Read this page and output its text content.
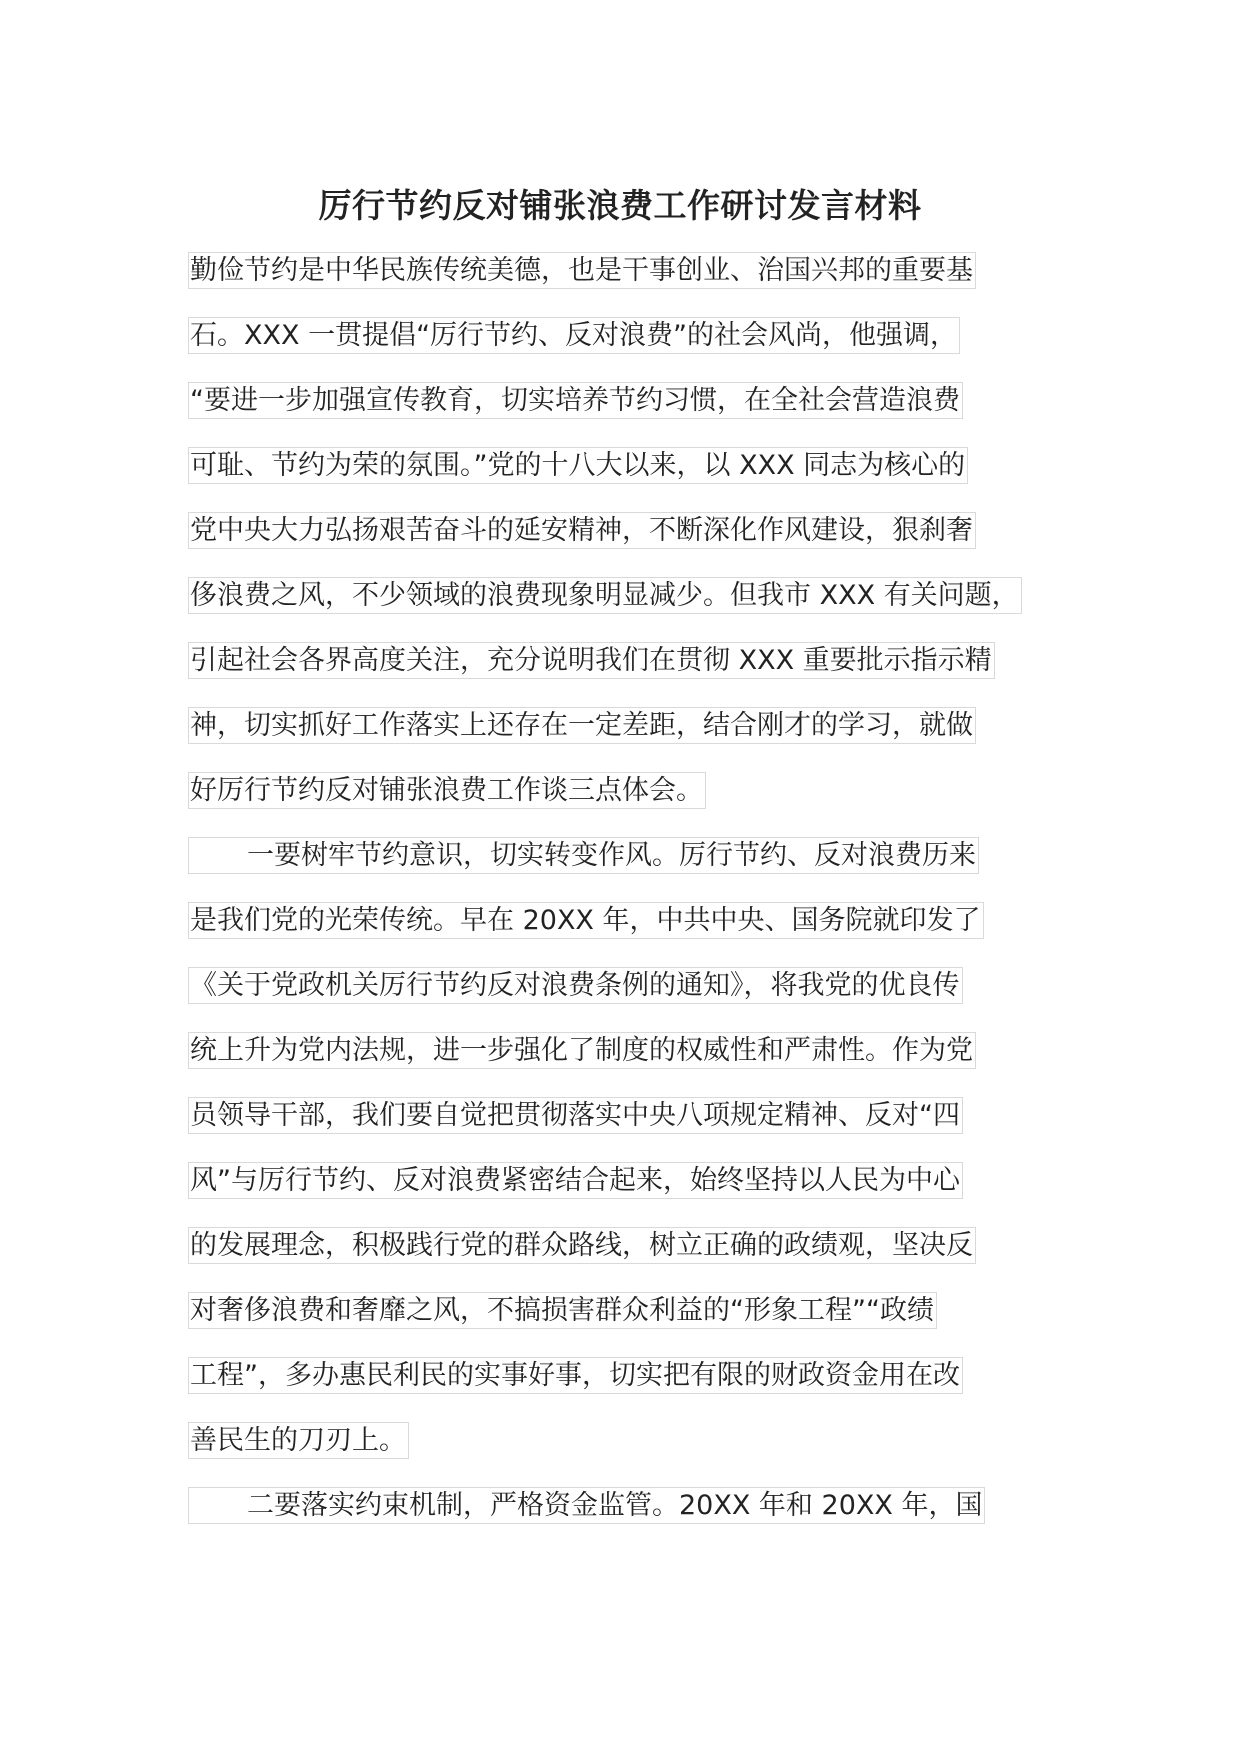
厉行节约反对铺张浪费工作研讨发言材料
勤俭节约是中华民族传统美德，也是干事创业、治国兴邦的重要基
石。XXX 一贯提倡“厉行节约、反对浪费”的社会风尚，他强调，
“要进一步加强宣传教育，切实培养节约习惯，在全社会营造浪费
可耻、节约为荣的氛围。”党的十八大以来，以 XXX 同志为核心的
党中央大力弘扬艰苦奋斗的延安精神，不断深化作风建设，狠刹奢
侈浪费之风，不少领域的浪费现象明显减少。但我市 XXX 有关问题，
引起社会各界高度关注，充分说明我们在贯彻 XXX 重要批示指示精
神，切实抓好工作落实上还存在一定差距，结合刚才的学习，就做
好厉行节约反对铺张浪费工作谈三点体会。
一要树牢节约意识，切实转变作风。厉行节约、反对浪费历来
是我们党的光荣传统。早在 20XX 年，中共中央、国务院就印发了
《关于党政机关厉行节约反对浪费条例的通知》，将我党的优良传
统上升为党内法规，进一步强化了制度的权威性和严肃性。作为党
员领导干部，我们要自觉把贯彻落实中央八项规定精神、反对“四
风”与厉行节约、反对浪费紧密结合起来，始终坚持以人民为中心
的发展理念，积极践行党的群众路线，树立正确的政绩观，坚决反
对奢侈浪费和奢靡之风，不搞损害群众利益的“形象工程”“政绩
工程”，多办惠民利民的实事好事，切实把有限的财政资金用在改
善民生的刀刃上。
二要落实约束机制，严格资金监管。20XX 年和 20XX 年，国
